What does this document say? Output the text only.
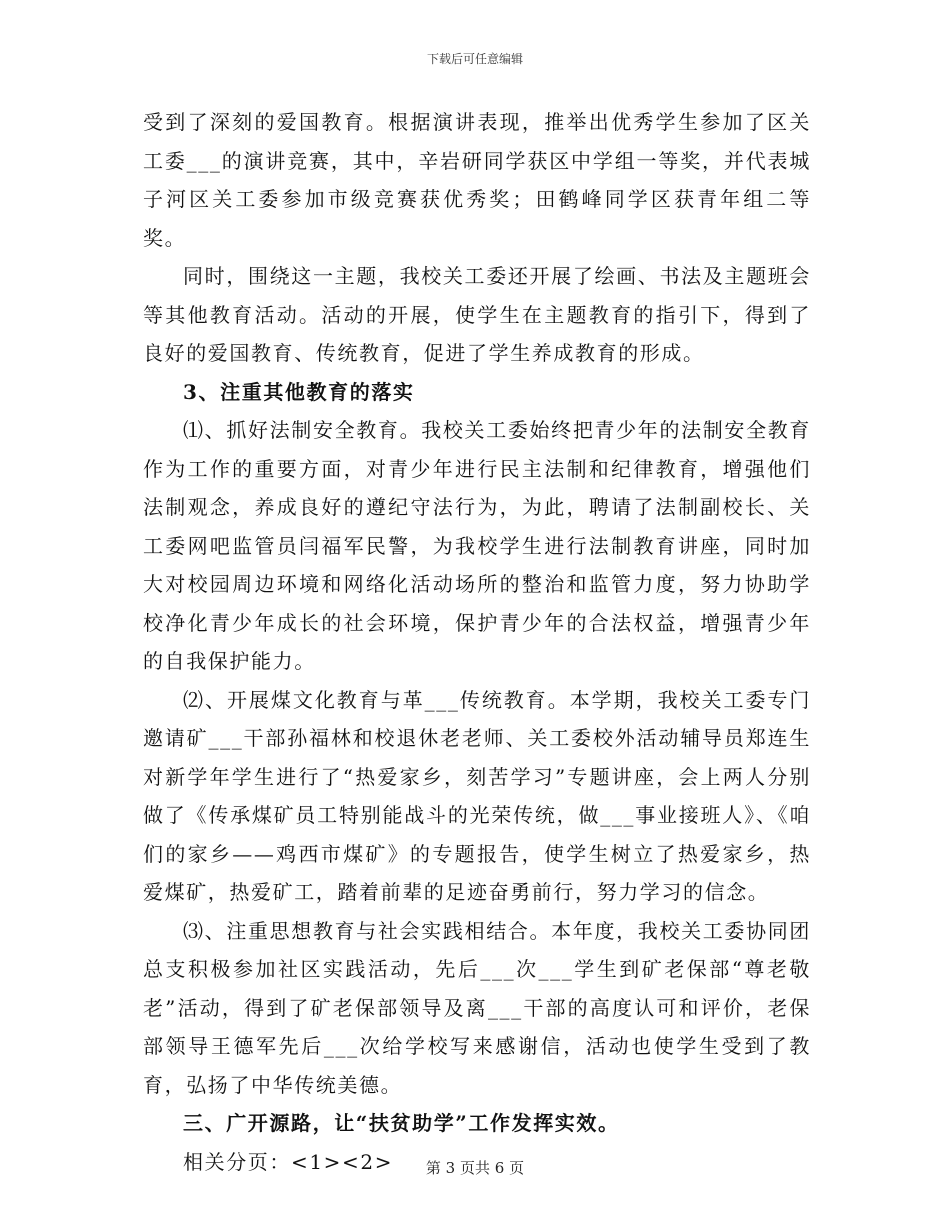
下载后可任意编辑

受到了深刻的爱国教育。根据演讲表现，推举出优秀学生参加了区关工委___的演讲竞赛，其中，辛岩研同学获区中学组一等奖，并代表城子河区关工委参加市级竞赛获优秀奖；田鹤峰同学区获青年组二等奖。

同时，围绕这一主题，我校关工委还开展了绘画、书法及主题班会等其他教育活动。活动的开展，使学生在主题教育的指引下，得到了良好的爱国教育、传统教育，促进了学生养成教育的形成。

3、注重其他教育的落实

⑴、抓好法制安全教育。我校关工委始终把青少年的法制安全教育作为工作的重要方面，对青少年进行民主法制和纪律教育，增强他们法制观念，养成良好的遵纪守法行为，为此，聘请了法制副校长、关工委网吧监管员闫福军民警，为我校学生进行法制教育讲座，同时加大对校园周边环境和网络化活动场所的整治和监管力度，努力协助学校净化青少年成长的社会环境，保护青少年的合法权益，增强青少年的自我保护能力。

⑵、开展煤文化教育与革___传统教育。本学期，我校关工委专门邀请矿___干部孙福林和校退休老老师、关工委校外活动辅导员郑连生对新学年学生进行了“热爱家乡，刻苦学习”专题讲座，会上两人分别做了《传承煤矿员工特别能战斗的光荣传统，做___事业接班人》、《咱们的家乡——鸡西市煤矿》的专题报告，使学生树立了热爱家乡，热爱煤矿，热爱矿工，踏着前辈的足迹奋勇前行，努力学习的信念。

⑶、注重思想教育与社会实践相结合。本年度，我校关工委协同团总支积极参加社区实践活动，先后___次___学生到矿老保部“尊老敬老”活动，得到了矿老保部领导及离___干部的高度认可和评价，老保部领导王德军先后___次给学校写来感谢信，活动也使学生受到了教育，弘扬了中华传统美德。

三、广开源路，让“扶贫助学”工作发挥实效。

相关分页：<1><2>	第 3 页共 6 页
